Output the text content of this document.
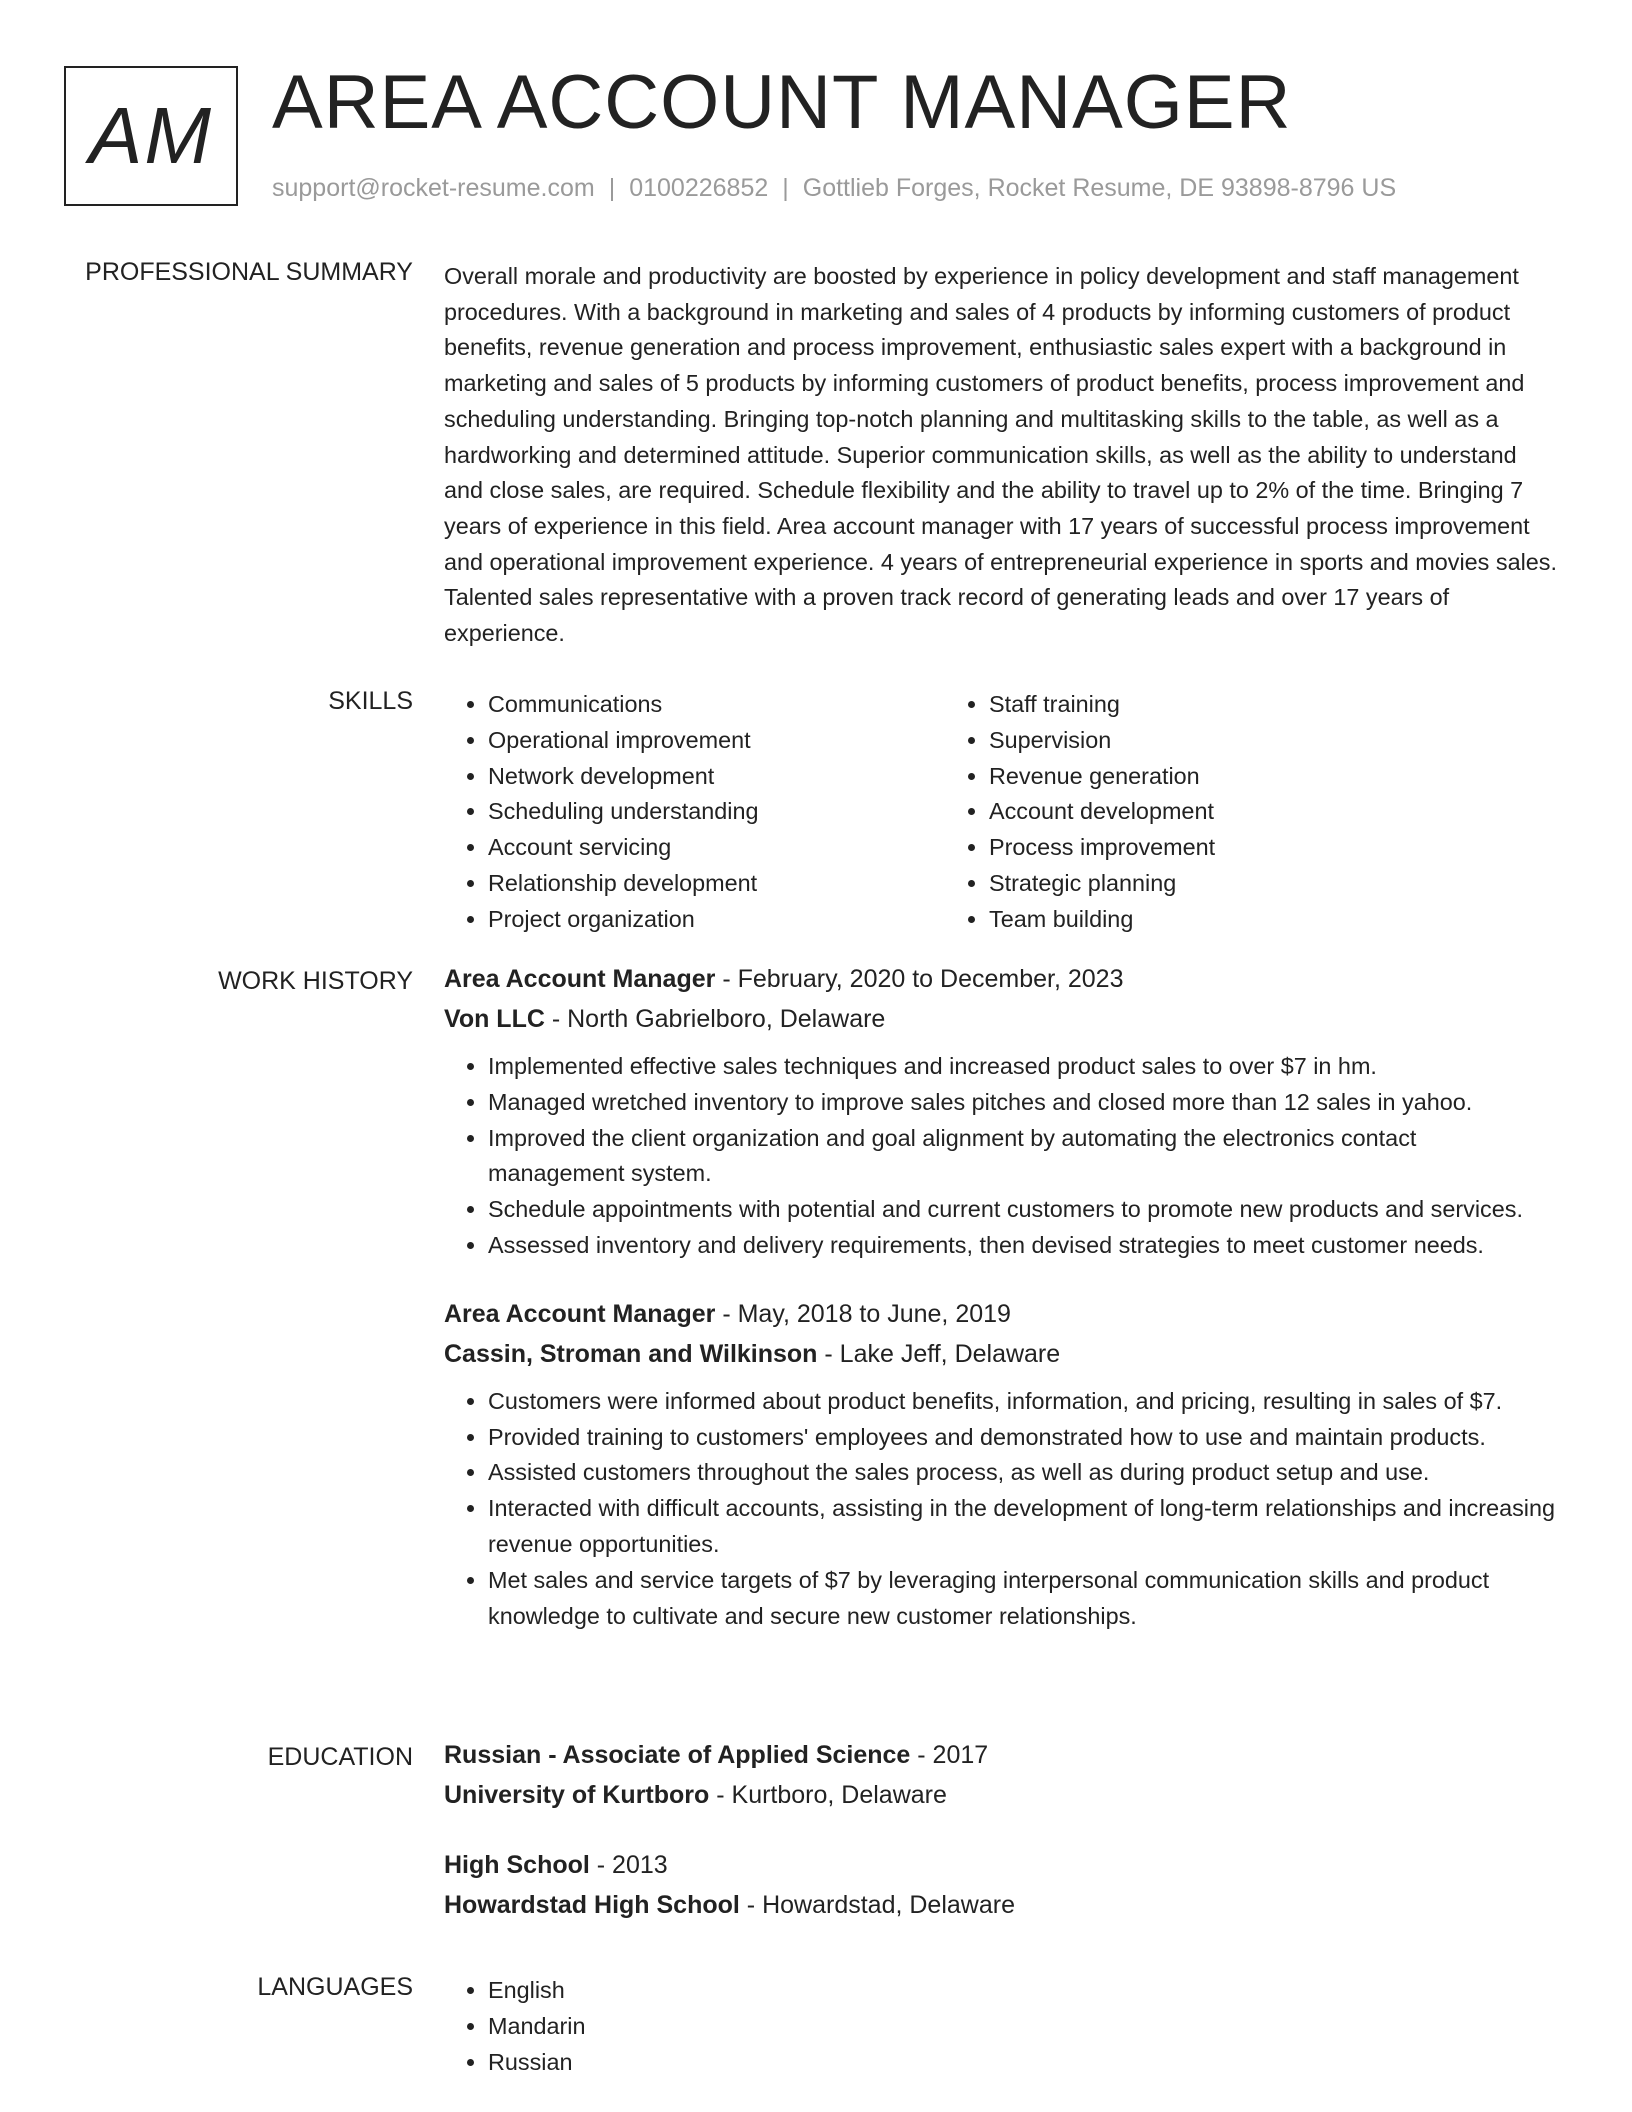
AM AREA ACCOUNT MANAGER
support@rocket-resume.com | 0100226852 | Gottlieb Forges, Rocket Resume, DE 93898-8796 US
PROFESSIONAL SUMMARY Overall morale and productivity are boosted by experience in policy development and staff management procedures. With a background in marketing and sales of 4 products by informing customers of product benefits, revenue generation and process improvement, enthusiastic sales expert with a background in marketing and sales of 5 products by informing customers of product benefits, process improvement and scheduling understanding. Bringing top-notch planning and multitasking skills to the table, as well as a hardworking and determined attitude. Superior communication skills, as well as the ability to understand and close sales, are required. Schedule flexibility and the ability to travel up to 2% of the time. Bringing 7 years of experience in this field. Area account manager with 17 years of successful process improvement and operational improvement experience. 4 years of entrepreneurial experience in sports and movies sales. Talented sales representative with a proven track record of generating leads and over 17 years of experience.

SKILLS	• Communications
• Operational improvement
• Network development
• Scheduling understanding
• Account servicing
• Relationship development
• Project organization
• Staff training
• Supervision
• Revenue generation
• Account development
• Process improvement
• Strategic planning
• Team building
WORK HISTORY Area Account Manager - February, 2020 to December, 2023
Von LLC - North Gabrielboro, Delaware
• Implemented effective sales techniques and increased product sales to over $7 in hm.
• Managed wretched inventory to improve sales pitches and closed more than 12 sales in yahoo.
• Improved the client organization and goal alignment by automating the electronics contact management system.
• Schedule appointments with potential and current customers to promote new products and services.
• Assessed inventory and delivery requirements, then devised strategies to meet customer needs.
Area Account Manager - May, 2018 to June, 2019
Cassin, Stroman and Wilkinson - Lake Jeff, Delaware
• Customers were informed about product benefits, information, and pricing, resulting in sales of $7.
• Provided training to customers' employees and demonstrated how to use and maintain products.
• Assisted customers throughout the sales process, as well as during product setup and use.
• Interacted with difficult accounts, assisting in the development of long-term relationships and increasing revenue opportunities.
• Met sales and service targets of $7 by leveraging interpersonal communication skills and product knowledge to cultivate and secure new customer relationships.
EDUCATION Russian - Associate of Applied Science - 2017
University of Kurtboro - Kurtboro, Delaware
High School - 2013
Howardstad High School - Howardstad, Delaware
LANGUAGES	• English
• Mandarin
• Russian
